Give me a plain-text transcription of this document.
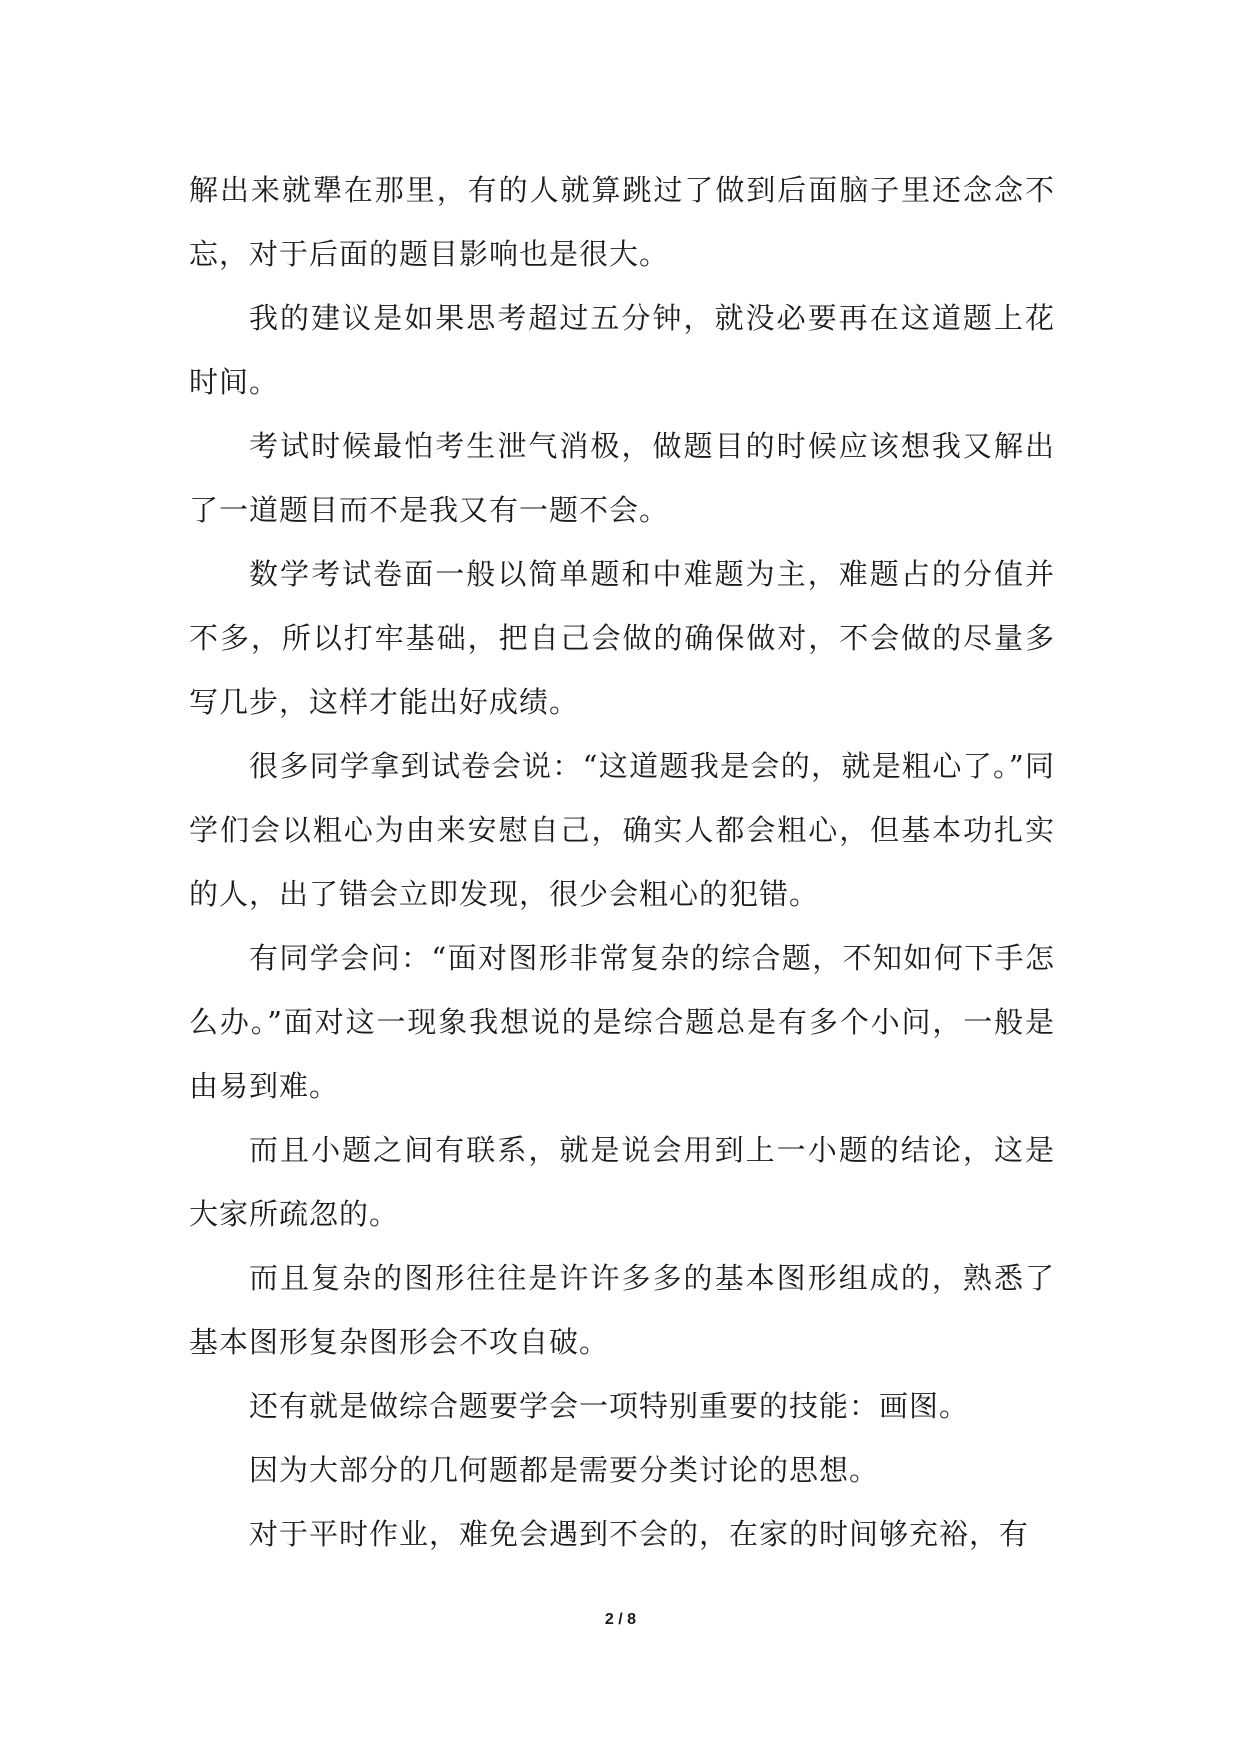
解出来就犟在那里，有的人就算跳过了做到后面脑子里还念念不忘，对于后面的题目影响也是很大。

我的建议是如果思考超过五分钟，就没必要再在这道题上花时间。

考试时候最怕考生泄气消极，做题目的时候应该想我又解出了一道题目而不是我又有一题不会。

数学考试卷面一般以简单题和中难题为主，难题占的分值并不多，所以打牢基础，把自己会做的确保做对，不会做的尽量多写几步，这样才能出好成绩。

很多同学拿到试卷会说：“这道题我是会的，就是粗心了。”同学们会以粗心为由来安慰自己，确实人都会粗心，但基本功扎实的人，出了错会立即发现，很少会粗心的犯错。

有同学会问：“面对图形非常复杂的综合题，不知如何下手怎么办。”面对这一现象我想说的是综合题总是有多个小问，一般是由易到难。

而且小题之间有联系，就是说会用到上一小题的结论，这是大家所疏忽的。

而且复杂的图形往往是许许多多的基本图形组成的，熟悉了基本图形复杂图形会不攻自破。

还有就是做综合题要学会一项特别重要的技能：画图。

因为大部分的几何题都是需要分类讨论的思想。

对于平时作业，难免会遇到不会的，在家的时间够充裕，有

2 / 8
